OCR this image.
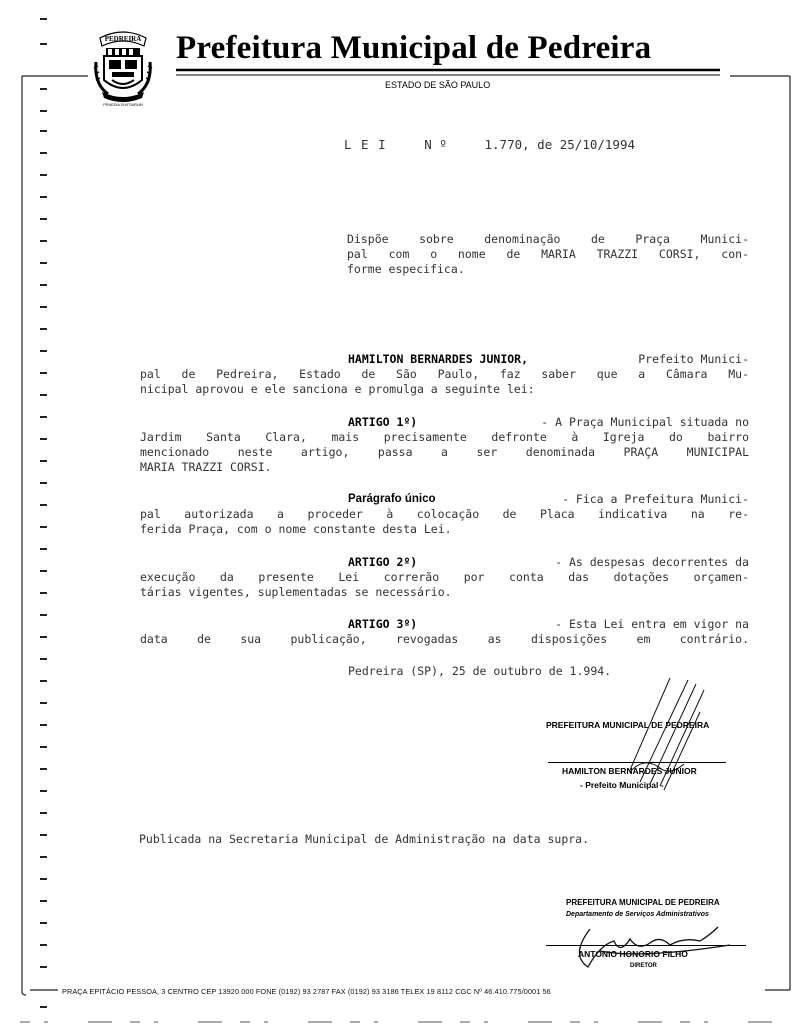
PEDREIRA
PRAEDIA DIVITIARUM
Prefeitura Municipal de Pedreira
ESTADO DE SÃO PAULO
L E I	N º	1.770, de 25/10/1994
Dispõe sobre denominação de Praça Munici-
pal com o nome de MARIA TRAZZI CORSI, con-
forme especifica.
HAMILTON BERNARDES JUNIOR,	Prefeito Munici-
pal de Pedreira, Estado de São Paulo, faz saber que a Câmara Mu-
nicipal aprovou e ele sanciona e promulga a seguinte lei:
ARTIGO 1º)	- A Praça Municipal situada no
Jardim Santa Clara, mais precisamente defronte à Igreja do bairro
mencionado neste artigo, passa a ser denominada PRAÇA MUNICIPAL
MARIA TRAZZI CORSI.
Parágrafo único	- Fica a Prefeitura Munici-
pal autorizada a proceder à colocação de Placa indicativa na re-
ferida Praça, com o nome constante desta Lei.
ARTIGO 2º)	- As despesas decorrentes da
execução da presente Lei correrão por conta das dotações orçamen-
tárias vigentes, suplementadas se necessário.
ARTIGO 3º)	- Esta Lei entra em vigor na
data de sua publicação, revogadas as disposições em contrário.
Pedreira (SP), 25 de outubro de 1.994.
PREFEITURA MUNICIPAL DE PEDREIRA
HAMILTON BERNARDES JUNIOR
- Prefeito Municipal -
Publicada na Secretaria Municipal de Administração na data supra.
PREFEITURA MUNICIPAL DE PEDREIRA
Departamento de Serviços Administrativos
ANTONIO HONORIO FILHO
DIRETOR
PRAÇA EPITÁCIO PESSOA, 3 CENTRO CEP 13920 000 FONE (0192) 93 2787 FAX (0192) 93 3186 TELEX 19 8112 CGC Nº 46.410.775/0001 56
